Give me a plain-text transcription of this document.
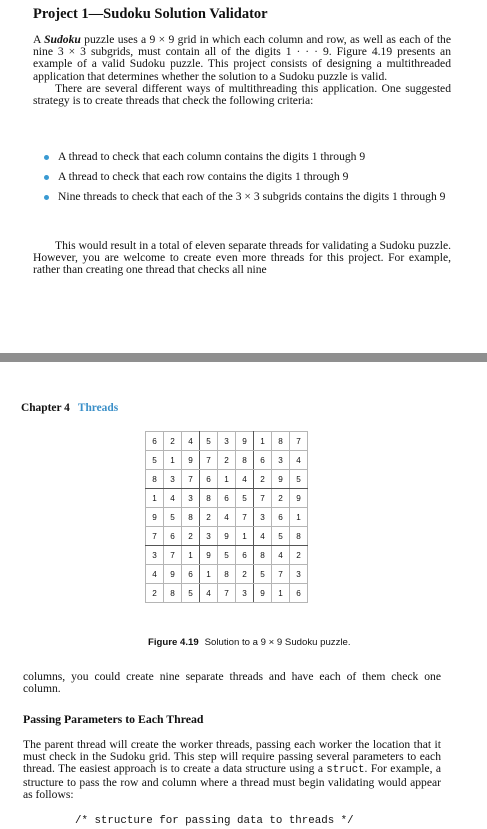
Project 1—Sudoku Solution Validator
A Sudoku puzzle uses a 9 × 9 grid in which each column and row, as well as each of the nine 3 × 3 subgrids, must contain all of the digits 1 · · · 9. Figure 4.19 presents an example of a valid Sudoku puzzle. This project consists of designing a multithreaded application that determines whether the solution to a Sudoku puzzle is valid.
There are several different ways of multithreading this application. One suggested strategy is to create threads that check the following criteria:
A thread to check that each column contains the digits 1 through 9
A thread to check that each row contains the digits 1 through 9
Nine threads to check that each of the 3 × 3 subgrids contains the digits 1 through 9
This would result in a total of eleven separate threads for validating a Sudoku puzzle. However, you are welcome to create even more threads for this project. For example, rather than creating one thread that checks all nine
Chapter 4 Threads
6	2	4	5	3	9	1	8	7
5	1	9	7	2	8	6	3	4
8	3	7	6	1	4	2	9	5
1	4	3	8	6	5	7	2	9
9	5	8	2	4	7	3	6	1
7	6	2	3	9	1	4	5	8
3	7	1	9	5	6	8	4	2
4	9	6	1	8	2	5	7	3
2	8	5	4	7	3	9	1	6
Figure 4.19 Solution to a 9 × 9 Sudoku puzzle.
columns, you could create nine separate threads and have each of them check one column.
Passing Parameters to Each Thread
The parent thread will create the worker threads, passing each worker the location that it must check in the Sudoku grid. This step will require passing several parameters to each thread. The easiest approach is to create a data structure using a struct. For example, a structure to pass the row and column where a thread must begin validating would appear as follows:
/* structure for passing data to threads */
